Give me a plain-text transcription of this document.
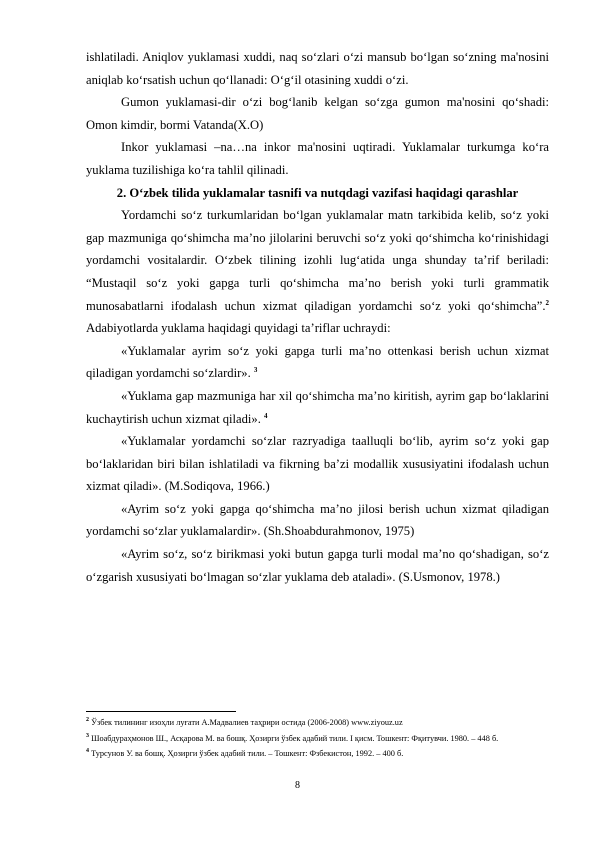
ishlatiladi. Aniqlov yuklamasi xuddi, naq so‘zlari o‘zi mansub bo‘lgan so‘zning ma'nosini aniqlab ko‘rsatish uchun qo‘llanadi: O‘g‘il otasining xuddi o‘zi.

Gumon yuklamasi-dir o‘zi bog‘lanib kelgan so‘zga gumon ma'nosini qo‘shadi: Omon kimdir, bormi Vatanda(X.O)

Inkor yuklamasi –na…na inkor ma'nosini uqtiradi. Yuklamalar turkumga ko‘ra yuklama tuzilishiga ko‘ra tahlil qilinadi.

2. O‘zbek tilida yuklamalar tasnifi va nutqdagi vazifasi haqidagi qarashlar

Yordamchi so‘z turkumlaridan bo‘lgan yuklamalar matn tarkibida kelib, so‘z yoki gap mazmuniga qo‘shimcha ma’no jilolarini beruvchi so‘z yoki qo‘shimcha ko‘rinishidagi yordamchi vositalardir. O‘zbek tilining izohli lug‘atida unga shunday ta’rif beriladi: “Mustaqil so‘z yoki gapga turli qo‘shimcha ma’no berish yoki turli grammatik munosabatlarni ifodalash uchun xizmat qiladigan yordamchi so‘z yoki qo‘shimcha”.$^2$ Adabiyotlarda yuklama haqidagi quyidagi ta’riflar uchraydi:

«Yuklamalar ayrim so‘z yoki gapga turli ma’no ottenkasi berish uchun xizmat qiladigan yordamchi so‘zlardir». $^3$

«Yuklama gap mazmuniga har xil qo‘shimcha ma’no kiritish, ayrim gap bo‘laklarini kuchaytirish uchun xizmat qiladi». $^4$

«Yuklamalar yordamchi so‘zlar razryadiga taalluqli bo‘lib, ayrim so‘z yoki gap bo‘laklaridan biri bilan ishlatiladi va fikrning ba’zi modallik xususiyatini ifodalash uchun xizmat qiladi». (M.Sodiqova, 1966.)

«Ayrim so‘z yoki gapga qo‘shimcha ma’no jilosi berish uchun xizmat qiladigan yordamchi so‘zlar yuklamalardir». (Sh.Shoabdurahmonov, 1975)

«Ayrim so‘z, so‘z birikmasi yoki butun gapga turli modal ma’no qo‘shadigan, so‘z o‘zgarish xususiyati bo‘lmagan so‘zlar yuklama deb ataladi». (S.Usmonov, 1978.)

$^2$ Ўзбек тилининг изоҳли луғати А.Мадвалиев таҳрири остида (2006-2008) www.ziyouz.uz

$^3$ Шоабдураҳмонов Ш., Асқарова М. ва бошқ. Ҳозирги ўзбек адабий тили. I қисм. Тошкент: Фқитувчи. 1980. – 448 б.

$^4$ Турсунов У. ва бошқ. Ҳозирги ўзбек адабий тили. – Тошкент: Фзбекистон, 1992. – 400 б.

8
